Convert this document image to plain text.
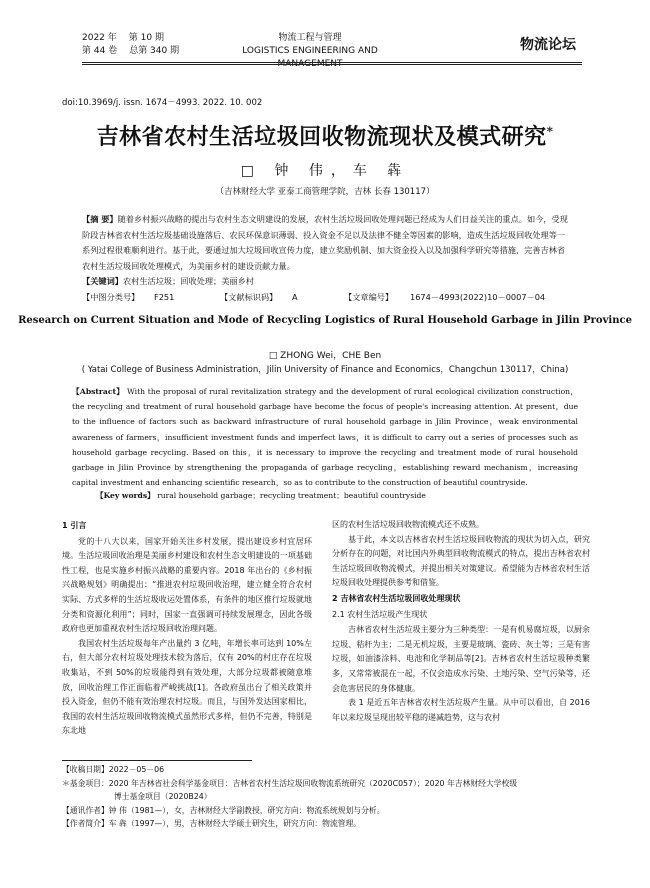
2022 年 第 10 期
第 44 卷 总第 340 期
物流工程与管理
LOGISTICS ENGINEERING AND MANAGEMENT
物流论坛
doi:10.3969/j. issn. 1674－4993. 2022. 10. 002
吉林省农村生活垃圾回收物流现状及模式研究*
□ 钟 伟，车 犇
（吉林财经大学 亚泰工商管理学院，吉林 长春 130117）
【摘 要】随着乡村振兴战略的提出与农村生态文明建设的发展，农村生活垃圾回收处理问题已经成为人们日益关注的重点。如今，受现阶段吉林省农村生活垃圾基础设施落后、农民环保意识薄弱、投入资金不足以及法律不健全等因素的影响，造成生活垃圾回收处理等一系列过程很难顺利进行。基于此，要通过加大垃圾回收宣传力度，建立奖励机制、加大资金投入以及加强科学研究等措施，完善吉林省农村生活垃圾回收处理模式，为美丽乡村的建设贡献力量。
【关键词】农村生活垃圾；回收处理；美丽乡村
【中图分类号】 F251	【文献标识码】 A	【文章编号】 1674－4993(2022)10－0007－04
Research on Current Situation and Mode of Recycling Logistics of Rural Household Garbage in Jilin Province
□ ZHONG Wei，CHE Ben
( Yatai College of Business Administration，Jilin University of Finance and Economics，Changchun 130117，China)
【Abstract】 With the proposal of rural revitalization strategy and the development of rural ecological civilization construction，the recycling and treatment of rural household garbage have become the focus of people's increasing attention. At present，due to the influence of factors such as backward infrastructure of rural household garbage in Jilin Province，weak environmental awareness of farmers，insufficient investment funds and imperfect laws，it is difficult to carry out a series of processes such as household garbage recycling. Based on this，it is necessary to improve the recycling and treatment mode of rural household garbage in Jilin Province by strengthening the propaganda of garbage recycling，establishing reward mechanism，increasing capital investment and enhancing scientific research，so as to contribute to the construction of beautiful countryside.
【Key words】 rural household garbage；recycling treatment；beautiful countryside

1 引言

党的十八大以来，国家开始关注乡村发展，提出建设乡村宜居环境。生活垃圾回收治理是美丽乡村建设和农村生态文明建设的一项基础性工程，也是实施乡村振兴战略的重要内容。2018 年出台的《乡村振兴战略规划》明确提出：“推进农村垃圾回收治理，建立健全符合农村实际、方式多样的生活垃圾收运处置体系，有条件的地区推行垃圾就地分类和资源化利用”；同时，国家一直强调可持续发展理念，因此各级政府也更加重视农村生活垃圾回收治理问题。

我国农村生活垃圾每年产出量约 3 亿吨，年增长率可达到 10%左右，但大部分农村垃圾处理技术较为落后，仅有 20%的村庄存在垃圾收集站，不到 50%的垃圾能得到有效处理，大部分垃圾都被随意堆放，回收治理工作正面临着严峻挑战[1]。各政府虽出台了相关政策并投入资金，但仍不能有效治理农村垃圾。而且，与国外发达国家相比，我国的农村生活垃圾回收物流模式虽然形式多样，但仍不完善，特别是东北地

区的农村生活垃圾回收物流模式还不成熟。

基于此，本文以吉林省农村生活垃圾回收物流的现状为切入点，研究分析存在的问题，对比国内外典型回收物流模式的特点，提出吉林省农村生活垃圾回收物流模式，并提出相关对策建议。希望能为吉林省农村生活垃圾回收处理提供参考和借鉴。

2 吉林省农村生活垃圾回收处理现状

2.1 农村生活垃圾产生现状

吉林省农村生活垃圾主要分为三种类型：一是有机易腐垃圾，以厨余垃圾、秸秆为主；二是无机垃圾，主要是玻璃、瓷砖、灰土等；三是有害垃圾，如油漆涂料、电池和化学制品等[2]。吉林省农村生活垃圾种类繁多，又常常被混在一起，不仅会造成水污染、土地污染、空气污染等，还会危害居民的身体健康。

表 1 是近五年吉林省农村生活垃圾产生量。从中可以看出，自 2016 年以来垃圾呈现出较平稳的递减趋势，这与农村

【收稿日期】2022－05－06
＊基金项目：2020 年吉林省社会科学基金项目：吉林省农村生活垃圾回收物流系统研究（2020C057）；2020 年吉林财经大学校级
博士基金项目（2020B24）
【通讯作者】钟 伟（1981—），女，吉林财经大学副教授，研究方向：物流系统规划与分析。
【作者简介】车 犇（1997—），男，吉林财经大学硕士研究生，研究方向：物流管理。
